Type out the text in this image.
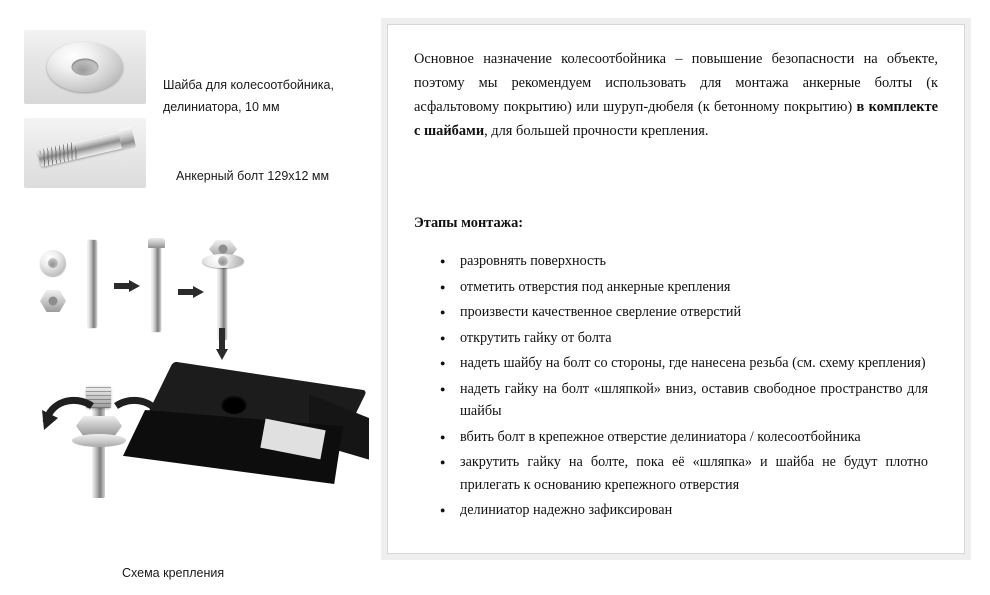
Шайба для колесоотбойника, делиниатора, 10 мм
Анкерный болт 129х12 мм
Схема крепления

Основное назначение колесоотбойника – повышение безопасности на объекте, поэтому мы рекомендуем использовать для монтажа анкерные болты (к асфальтовому покрытию) или шуруп-дюбеля (к бетонному покрытию) в комплекте с шайбами, для большей прочности крепления.

Этапы монтажа:
● разровнять поверхность
● отметить отверстия под анкерные крепления
● произвести качественное сверление отверстий
● открутить гайку от болта
● надеть шайбу на болт со стороны, где нанесена резьба (см. схему крепления)
● надеть гайку на болт «шляпкой» вниз, оставив свободное пространство для шайбы
● вбить болт в крепежное отверстие делиниатора / колесоотбойника
● закрутить гайку на болте, пока её «шляпка» и шайба не будут плотно прилегать к основанию крепежного отверстия
● делиниатор надежно зафиксирован
